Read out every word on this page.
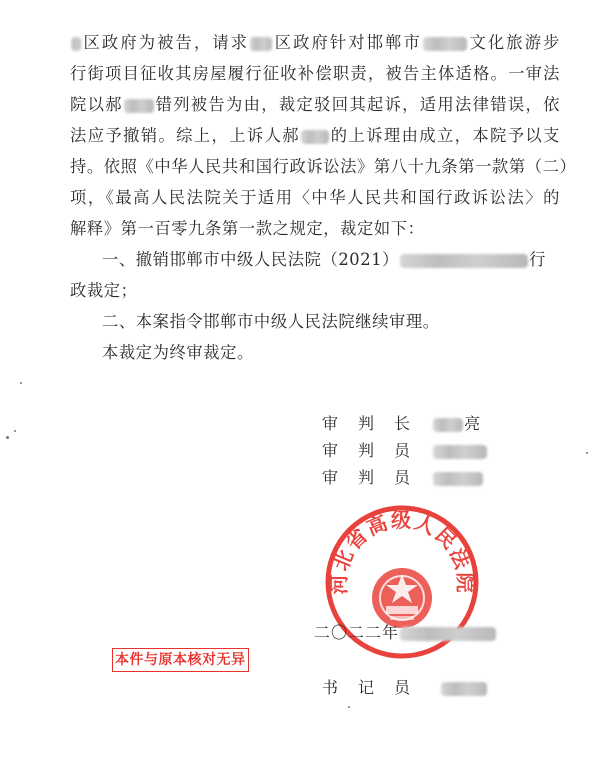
区政府为被告，请求 区政府针对邯郸市	文化旅游步
行街项目征收其房屋履行征收补偿职责，被告主体适格。一审法
院以郝 错列被告为由，裁定驳回其起诉，适用法律错误，依
法应予撤销。综上，上诉人郝 的上诉理由成立，本院予以支
持。依照《中华人民共和国行政诉讼法》第八十九条第一款第（二）
项，《最高人民法院关于适用〈中华人民共和国行政诉讼法〉的
解释》第一百零九条第一款之规定，裁定如下：
一、撤销邯郸市中级人民法院（2021）	行
政裁定；
二、本案指令邯郸市中级人民法院继续审理。
本裁定为终审裁定。
审判长	亮
审判员
审判员
河北省高级人民法院
二〇二二年
本件与原本核对无异
书记员
